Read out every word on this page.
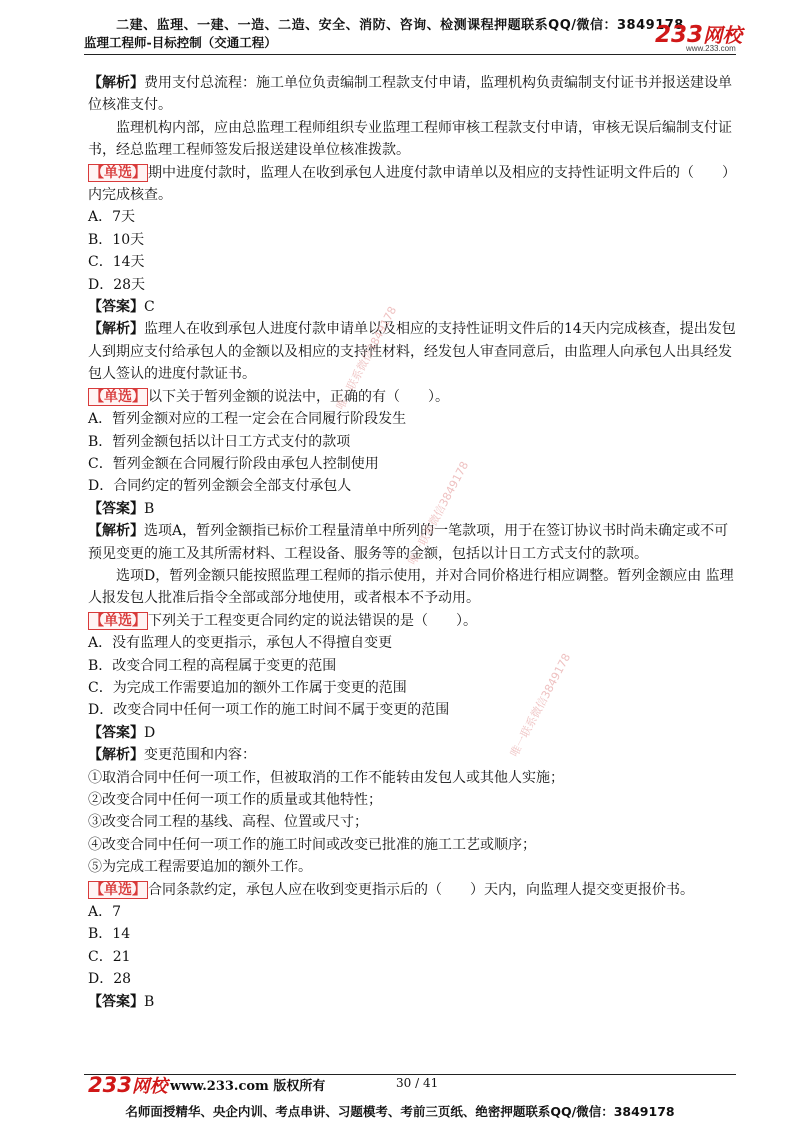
二建、监理、一建、一造、二造、安全、消防、咨询、检测课程押题联系QQ/微信：3849178
监理工程师-目标控制（交通工程）	233网校
www.233.com

【解析】费用支付总流程：施工单位负责编制工程款支付申请，监理机构负责编制支付证书并报送建设单位核准支付。

监理机构内部，应由总监理工程师组织专业监理工程师审核工程款支付申请，审核无误后编制支付证书，经总监理工程师签发后报送建设单位核准拨款。

【单选】 期中进度付款时，监理人在收到承包人进度付款申请单以及相应的支持性证明文件后的（　　）内完成核查。

A．7天

B．10天

C．14天

D．28天

【答案】C

【解析】监理人在收到承包人进度付款申请单以及相应的支持性证明文件后的14天内完成核查，提出发包人到期应支付给承包人的金额以及相应的支持性材料，经发包人审查同意后，由监理人向承包人出具经发包人签认的进度付款证书。

【单选】 以下关于暂列金额的说法中，正确的有（　　）。

A．暂列金额对应的工程一定会在合同履行阶段发生

B．暂列金额包括以计日工方式支付的款项

C．暂列金额在合同履行阶段由承包人控制使用

D．合同约定的暂列金额会全部支付承包人

【答案】B

【解析】选项A，暂列金额指已标价工程量清单中所列的一笔款项，用于在签订协议书时尚未确定或不可预见变更的施工及其所需材料、工程设备、服务等的金额，包括以计日工方式支付的款项。

选项D，暂列金额只能按照监理工程师的指示使用，并对合同价格进行相应调整。暂列金额应由 监理人报发包人批准后指令全部或部分地使用，或者根本不予动用。

【单选】 下列关于工程变更合同约定的说法错误的是（　　）。

A．没有监理人的变更指示，承包人不得擅自变更

B．改变合同工程的高程属于变更的范围

C．为完成工作需要追加的额外工作属于变更的范围

D．改变合同中任何一项工作的施工时间不属于变更的范围

【答案】D

【解析】变更范围和内容：

①取消合同中任何一项工作，但被取消的工作不能转由发包人或其他人实施；

②改变合同中任何一项工作的质量或其他特性；

③改变合同工程的基线、高程、位置或尺寸；

④改变合同中任何一项工作的施工时间或改变已批准的施工工艺或顺序；

⑤为完成工程需要追加的额外工作。

【单选】 合同条款约定，承包人应在收到变更指示后的（　　）天内，向监理人提交变更报价书。

A．7

B．14

C．21

D．28

【答案】B

唯一联系微信3849178
唯一联系微信3849178
唯一联系微信3849178
233网校 www.233.com 版权所有	30 / 41
名师面授精华、央企内训、考点串讲、习题模考、考前三页纸、绝密押题联系QQ/微信：3849178
